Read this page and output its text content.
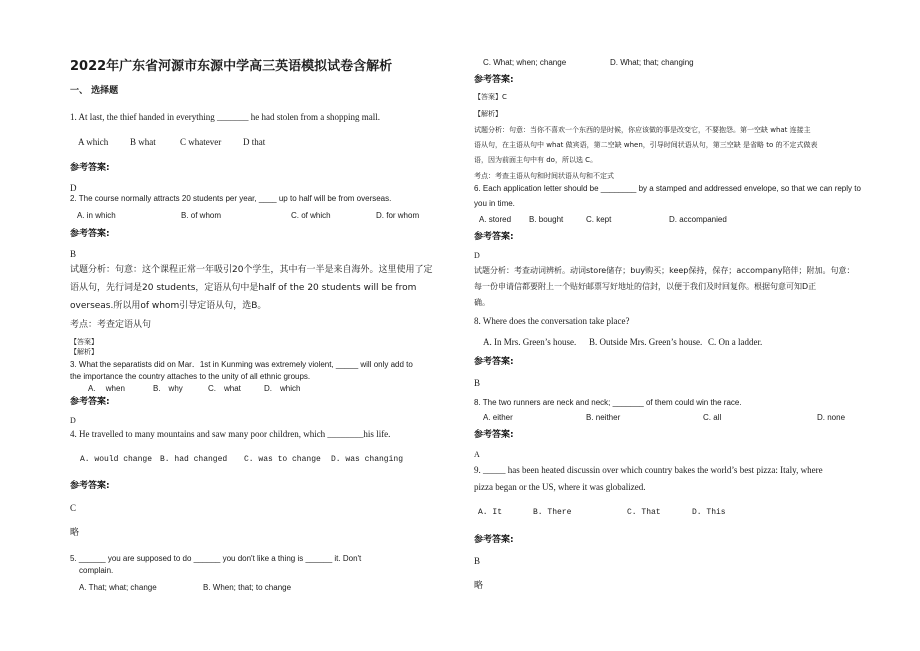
2022年广东省河源市东源中学高三英语模拟试卷含解析
一、 选择题
1. At last, the thief handed in everything _______ he had stolen from a shopping mall.
A which B what	C whatever D that
参考答案:
D
2. The course normally attracts 20 students per year, ____ up to half will be from overseas.
A. in which	B. of whom	C. of which	D. for whom
参考答案:
B
试题分析：句意：这个课程正常一年吸引20个学生，其中有一半是来自海外。这里使用了定
语从句，先行词是20 students，定语从句中是half of the 20 students will be from
overseas.所以用of whom引导定语从句，选B。
考点：考查定语从句
【答案】
【解析】
3. What the separatists did on Mar．1st in Kunming was extremely violent, _____ will only add to
the importance the country attaches to the unity of all ethnic groups.
A.　 when	B.　why	C.　what	D.　which
参考答案:
D
4. He travelled to many mountains and saw many poor children, which ________his life.
A. would change B. had changed C. was to change D. was changing
参考答案:
C
略
5. ______ you are supposed to do ______ you don't like a thing is ______ it. Don't
complain.
A. That; what; change	B. When; that; to change
C. What; when; change	D. What; that; changing
参考答案:
【答案】C
【解析】
试题分析：句意：当你不喜欢一个东西的是时候，你应该做的事是改变它，不要抱怨。第一空缺 what 连接主
语从句，在主语从句中 what 做宾语，第二空缺 when，引导时间状语从句，第三空缺 是省略 to 的不定式做表
语，因为前面主句中有 do，所以选 C。
考点：考查主语从句和时间状语从句和不定式
6. Each application letter should be ________ by a stamped and addressed envelope, so that we can reply to
you in time.
A. stored B. bought	C. kept	D. accompanied
参考答案:
D
试题分析：考查动词辨析。动词store储存；buy购买；keep保持，保存；accompany陪伴；附加。句意：
每一份申请信都要附上一个贴好邮票写好地址的信封，以便于我们及时回复你。根据句意可知D正
确。
8. Where does the conversation take place?
A. In Mrs. Green’s house. B. Outside Mrs. Green’s house. C. On a ladder.
参考答案:
B
8. The two runners are neck and neck; _______ of them could win the race.
A. either	B. neither	C. all	D. none
参考答案:
A
9. _____ has been heated discussin over which country bakes the world’s best pizza: Italy, where
pizza began or the US, where it was globalized.
A. It	B. There	C. That	D. This
参考答案:
B
略
